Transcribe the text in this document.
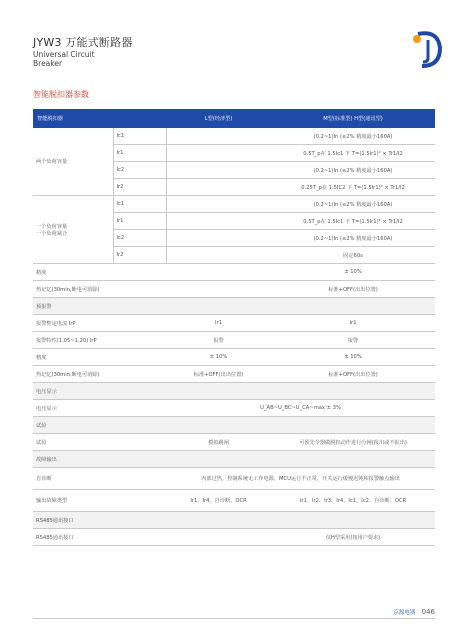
JYW3 万能式断路器
Universal Circuit
Breaker
智能脱扣器参数
智能脱扣器		L型(经济型)	M型(标准型) H型(通讯型)
两个负荷容量	Ic1		(0.2~1)In (≤2% 精度最小160A)
	Ir1		0.5T_p在 1.5Ic1 下 T=(1.5Ir1)² × Tr1/I2
	Ic2		(0.2~1)In (≤2% 精度最小160A)
	Ir2		0.25T_p在 1.5IC2 下 T=(1.5Ir1)² × Tr1/I2
一个负荷容量
一个负荷减合	Ic1		(0.2~1)In (≤2% 精度最小160A)
	Ir1		0.5T_p在 1.5Ic1 下 T=(1.5Ir1)² × Tr1/I2
	Ic2		(0.2~1)In (≤2% 精度最小160A)
	Ir2		固定60s
精度			± 10%
热记忆(30min,断电可消除)			标准+OFF(出出位置)
预报警			
报警整定电流 IrP		Ir1	Ir1
报警特性(1.05~1.20) IrP		报警	报警
精度		± 10%	± 10%
热记忆(30min,断电可消除)		标准+OFF(出出位置)	标准+OFF(出出位置)
电压显示			
电压显示		U_AB~U_BC~U_CA~max ± 3%	
试验			
试验		模拟跳闸	可预先令器做脱扣动作进行分闸(报出或不报出)
故障输出			
自诊断		内部过热，控制系统无工作电源，MCU运行不正常，开关运行缓慢迟钝和报警触点输出	
输出故障类型		Ir1、Ir4、自诊断、OCR	Ir1、Ir2、Ir3、Ir4、Ic1、Ic2、自诊断、OCR
RS485通讯接口			
RS485通讯接口			仅H型采用(按用户要求)
京源电器 046
